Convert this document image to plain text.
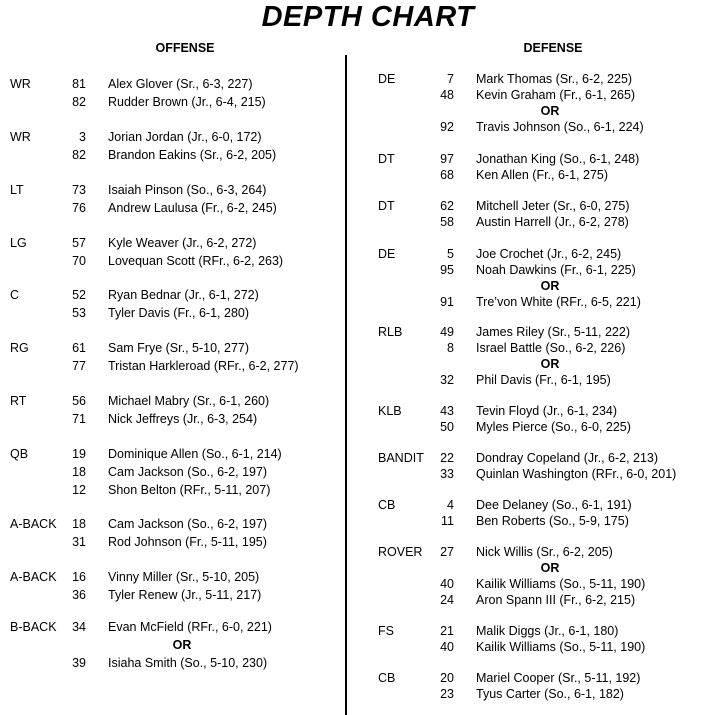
DEPTH CHART
OFFENSE	DEFENSE
WR	81 Alex Glover (Sr., 6-3, 227)
82 Rudder Brown (Jr., 6-4, 215)
WR	3 Jorian Jordan (Jr., 6-0, 172)
82 Brandon Eakins (Sr., 6-2, 205)
LT	73 Isaiah Pinson (So., 6-3, 264)
76 Andrew Laulusa (Fr., 6-2, 245)
LG	57 Kyle Weaver (Jr., 6-2, 272)
70 Lovequan Scott (RFr., 6-2, 263)
C	52 Ryan Bednar (Jr., 6-1, 272)
53 Tyler Davis (Fr., 6-1, 280)
RG	61 Sam Frye (Sr., 5-10, 277)
77 Tristan Harkleroad (RFr., 6-2, 277)
RT	56 Michael Mabry (Sr., 6-1, 260)
71 Nick Jeffreys (Jr., 6-3, 254)
QB	19 Dominique Allen (So., 6-1, 214)
18 Cam Jackson (So., 6-2, 197)
12 Shon Belton (RFr., 5-11, 207)
A-BACK	18 Cam Jackson (So., 6-2, 197)
31 Rod Johnson (Fr., 5-11, 195)
A-BACK	16 Vinny Miller (Sr., 5-10, 205)
36 Tyler Renew (Jr., 5-11, 217)
B-BACK	34 Evan McField (RFr., 6-0, 221)
OR
39 Isiaha Smith (So., 5-10, 230)
DE	7 Mark Thomas (Sr., 6-2, 225)
48 Kevin Graham (Fr., 6-1, 265)
OR
92 Travis Johnson (So., 6-1, 224)
DT	97 Jonathan King (So., 6-1, 248)
68 Ken Allen (Fr., 6-1, 275)
DT	62 Mitchell Jeter (Sr., 6-0, 275)
58 Austin Harrell (Jr., 6-2, 278)
DE	5 Joe Crochet (Jr., 6-2, 245)
95 Noah Dawkins (Fr., 6-1, 225)
OR
91 Tre’von White (RFr., 6-5, 221)
RLB	49 James Riley (Sr., 5-11, 222)
8 Israel Battle (So., 6-2, 226)
OR
32 Phil Davis (Fr., 6-1, 195)
KLB	43 Tevin Floyd (Jr., 6-1, 234)
50 Myles Pierce (So., 6-0, 225)
BANDIT	22 Dondray Copeland (Jr., 6-2, 213)
33 Quinlan Washington (RFr., 6-0, 201)
CB	4 Dee Delaney (So., 6-1, 191)
11 Ben Roberts (So., 5-9, 175)
ROVER	27 Nick Willis (Sr., 6-2, 205)
OR
40 Kailik Williams (So., 5-11, 190)
24 Aron Spann III (Fr., 6-2, 215)
FS	21 Malik Diggs (Jr., 6-1, 180)
40 Kailik Williams (So., 5-11, 190)
CB	20 Mariel Cooper (Sr., 5-11, 192)
23 Tyus Carter (So., 6-1, 182)
